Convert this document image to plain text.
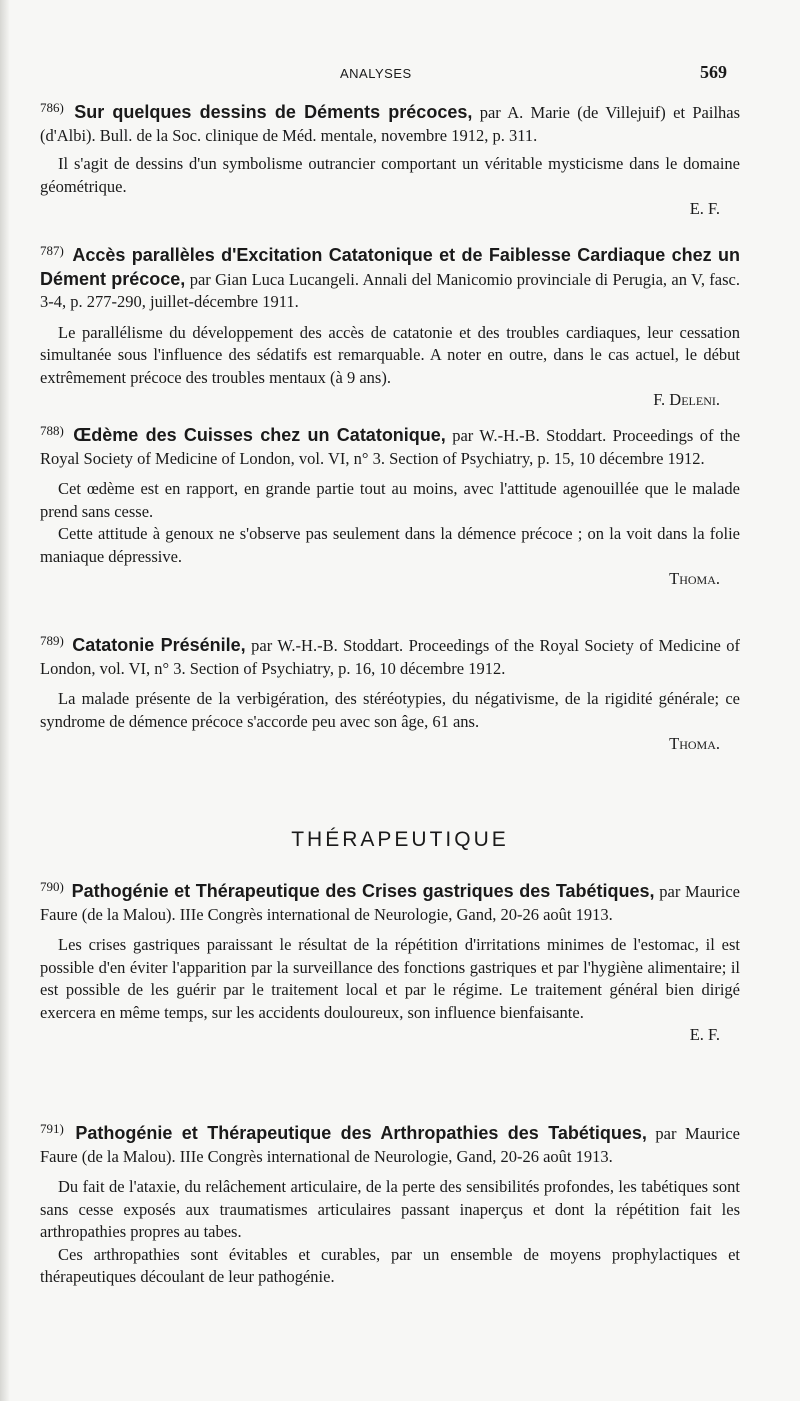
ANALYSES	569

$^{786)}$ Sur quelques dessins de Déments précoces, par A. Marie (de Villejuif) et Pailhas (d'Albi). Bull. de la Soc. clinique de Méd. mentale, novembre 1912, p. 311.

Il s'agit de dessins d'un symbolisme outrancier comportant un véritable mysticisme dans le domaine géométrique.
E. F.

$^{787)}$ Accès parallèles d'Excitation Catatonique et de Faiblesse Cardiaque chez un Dément précoce, par Gian Luca Lucangeli. Annali del Manicomio provinciale di Perugia, an V, fasc. 3-4, p. 277-290, juillet-décembre 1911.

Le parallélisme du développement des accès de catatonie et des troubles cardiaques, leur cessation simultanée sous l'influence des sédatifs est remarquable. A noter en outre, dans le cas actuel, le début extrêmement précoce des troubles mentaux (à 9 ans).
F. Deleni.

$^{788)}$ Œdème des Cuisses chez un Catatonique, par W.-H.-B. Stoddart. Proceedings of the Royal Society of Medicine of London, vol. VI, n° 3. Section of Psychiatry, p. 15, 10 décembre 1912.

Cet œdème est en rapport, en grande partie tout au moins, avec l'attitude agenouillée que le malade prend sans cesse.

Cette attitude à genoux ne s'observe pas seulement dans la démence précoce ; on la voit dans la folie maniaque dépressive.
Thoma.

$^{789)}$ Catatonie Présénile, par W.-H.-B. Stoddart. Proceedings of the Royal Society of Medicine of London, vol. VI, n° 3. Section of Psychiatry, p. 16, 10 décembre 1912.

La malade présente de la verbigération, des stéréotypies, du négativisme, de la rigidité générale; ce syndrome de démence précoce s'accorde peu avec son âge, 61 ans.
Thoma.

THÉRAPEUTIQUE

$^{790)}$ Pathogénie et Thérapeutique des Crises gastriques des Tabétiques, par Maurice Faure (de la Malou). IIIe Congrès international de Neurologie, Gand, 20-26 août 1913.

Les crises gastriques paraissant le résultat de la répétition d'irritations minimes de l'estomac, il est possible d'en éviter l'apparition par la surveillance des fonctions gastriques et par l'hygiène alimentaire; il est possible de les guérir par le traitement local et par le régime. Le traitement général bien dirigé exercera en même temps, sur les accidents douloureux, son influence bienfaisante.
E. F.

$^{791)}$ Pathogénie et Thérapeutique des Arthropathies des Tabétiques, par Maurice Faure (de la Malou). IIIe Congrès international de Neurologie, Gand, 20-26 août 1913.

Du fait de l'ataxie, du relâchement articulaire, de la perte des sensibilités profondes, les tabétiques sont sans cesse exposés aux traumatismes articulaires passant inaperçus et dont la répétition fait les arthropathies propres au tabes.

Ces arthropathies sont évitables et curables, par un ensemble de moyens prophylactiques et thérapeutiques découlant de leur pathogénie.
